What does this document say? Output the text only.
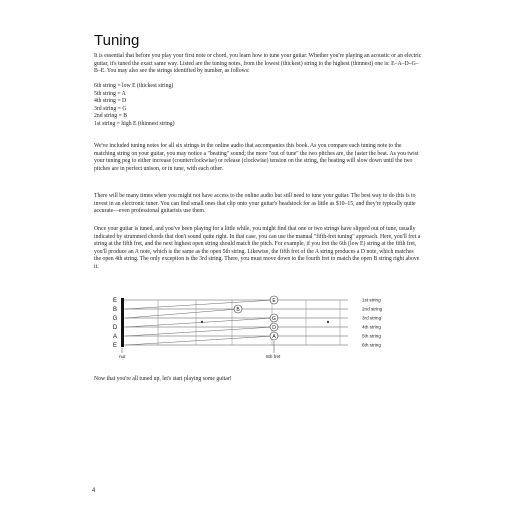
Tuning

It is essential that before you play your first note or chord, you learn how to tune your guitar. Whether you're playing an acoustic or an electric guitar, it's tuned the exact same way. Listed are the tuning notes, from the lowest (thickest) string to the highest (thinnest) one is: E–A–D–G–B–E. You may also see the strings identified by number, as follows:

6th string = low E (thickest string)
5th string = A
4th string = D
3rd string = G
2nd string = B
1st string = high E (thinnest string)

We've included tuning notes for all six strings in the online audio that accompanies this book. As you compare each tuning note to the matching string on your guitar, you may notice a "beating" sound; the more "out of tune" the two pitches are, the faster the beat. As you twist your tuning peg to either increase (counterclockwise) or release (clockwise) tension on the string, the beating will slow down until the two pitches are in perfect unison, or in tune, with each other.

There will be many times when you might not have access to the online audio but still need to tune your guitar. The best way to do this is to invest in an electronic tuner. You can find small ones that clip onto your guitar's headstock for as little as $10–15, and they're typically quite accurate—even professional guitarists use them.

Once your guitar is tuned, and you've been playing for a little while, you might find that one or two strings have slipped out of tune, usually indicated by strummed chords that don't sound quite right. In that case, you can use the manual "fifth-fret tuning" approach. Here, you'll fret a string at the fifth fret, and the next highest open string should match the pitch. For example, if you fret the 6th (low E) string at the fifth fret, you'll produce an A note, which is the same as the open 5th string. Likewise, the fifth fret of the A string produces a D note, which matches the open 4th string. The only exception is the 3rd string. There, you must move down to the fourth fret to match the open B string right above it.

E
B
G
D
A
E
E
B
G
D
A
1st string
2nd string
3rd string
4th string
5th string
6th string
nut	5th fret

Now that you're all tuned up, let's start playing some guitar!

4
